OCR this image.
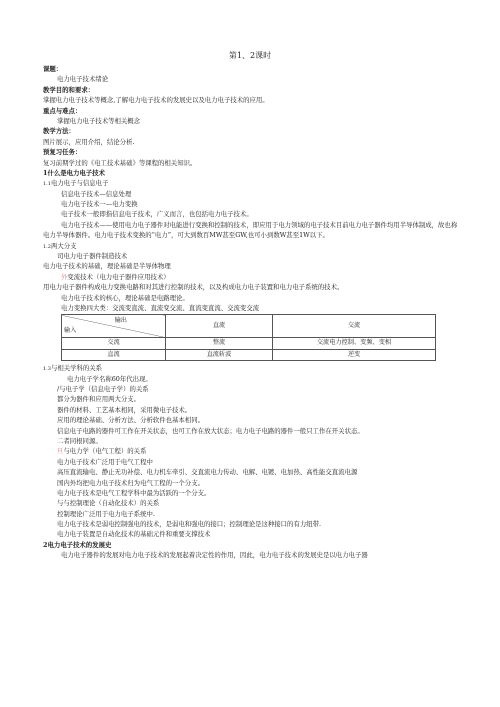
第1、2课时
课题：
电力电子技术绪论
教学目的和要求：
掌握电力电子技术等概念,了解电力电子技术的发展史以及电力电子技术的应用。
重点与难点：
掌握电力电子技术等相关概念
教学方法：
图片展示，应用介绍，结论分析.
预复习任务：
复习前期学过的《电工技术基础》等课程的相关知识。
1什么是电力电子技术
1.1电力电子与信息电子
信息电子技术—信息处理
电力电子技术一—电力变换
电子技术一般即指信息电子技术，广义而言，也包括电力电子技术。
电力电子技术——使用电力电子器件对电能进行变换和控制的技术，即应用于电力领域的电子技术目前电力电子器件均用半导体制成，故也称电力半导体器件。电力电子技术变换的“电力”，可大到数百MW甚至GW,也可小到数W甚至1W以下。
1.2两大分支
司电力电子器件制造技术
电力电子技术的基础，理论基础是半导体物理
外变流技术（电力电子器件应用技术）
用电力电子器件构成电力变换电路和对其进行控制的技术，以及构成电力电子装置和电力电子系统的技术。
电力电子技术的核心，理论基础是电路理论。
电力变换四大类：交流变直流、直流变交流、直流变直流、交流变交流
输出
输入	直流	交流
交流	整流	交流电力控制、变频、变相
直流	直流斩波	逆变
1.3与相关学科的关系
电力电子学名称60年代出现。
/与电子学（信息电子学）的关系
都分为器件和应用两大分支。
器件的材料、工艺基本相同，采用微电子技术。
应用的理论基础、分析方法、分析软件也基本相同。
信息电子电路的器件可工作在开关状态，也可工作在放大状态；电力电子电路的器件一般只工作在开关状态。
二者同根同源。
旦与电力学（电气工程）的关系
电力电子技术广泛用于电气工程中
高压直流输电、静止无功补偿、电力机车牵引、交直流电力传动、电解、电镀、电加热、高性能交直流电源
国内外均把电力电子技术归为电气工程的一个分支。
电力电子技术是电气工程学科中最为活跃的一个分支。
与与控制理论（自动化技术）的关系
控制理论广泛用于电力电子系统中.
电力电子技术是弱电控制强电的技术，是弱电和强电的接口；控制理论是这种接口的有力纽带.
电力电子装置是自动化技术的基础元件和重要支撑技术
2电力电子技术的发展史
电力电子器件的发展对电力电子技术的发展起着决定性的作用，因此，电力电子技术的发展史是以电力电子器
